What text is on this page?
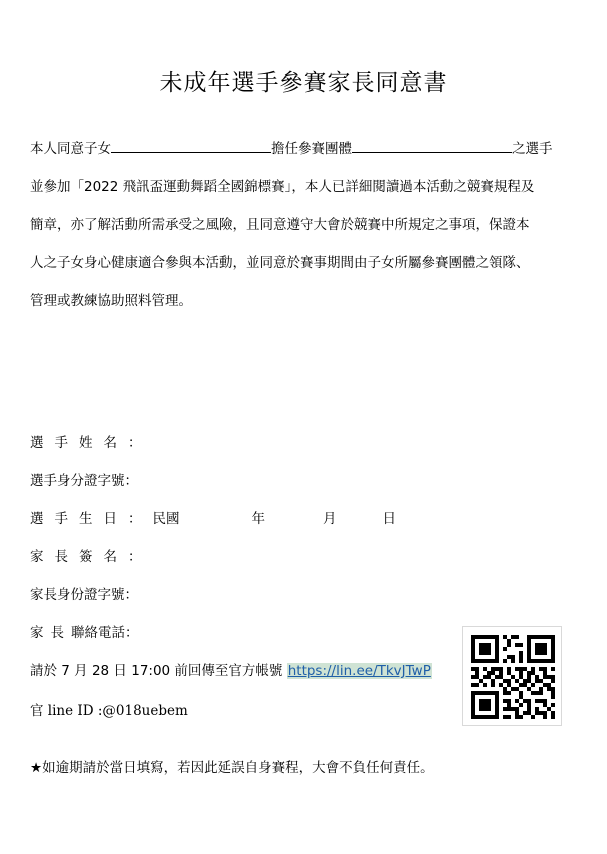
未成年選手參賽家長同意書
本人同意子女	擔任參賽團體	之選手
並參加「2022 飛訊盃運動舞蹈全國錦標賽」，本人已詳細閱讀過本活動之競賽規程及
簡章，亦了解活動所需承受之風險，且同意遵守大會於競賽中所規定之事項，保證本
人之子女身心健康適合參與本活動，並同意於賽事期間由子女所屬參賽團體之領隊、
管理或教練協助照料管理。
選手姓名：
選手身分證字號：
選手生日：民國	年	月	日
家長簽名：
家長身份證字號：
家長聯絡電話：
請於 7 月 28 日 17:00 前回傳至官方帳號 https://lin.ee/TkvJTwP
官 line ID :@018uebem
★如逾期請於當日填寫，若因此延誤自身賽程，大會不負任何責任。
